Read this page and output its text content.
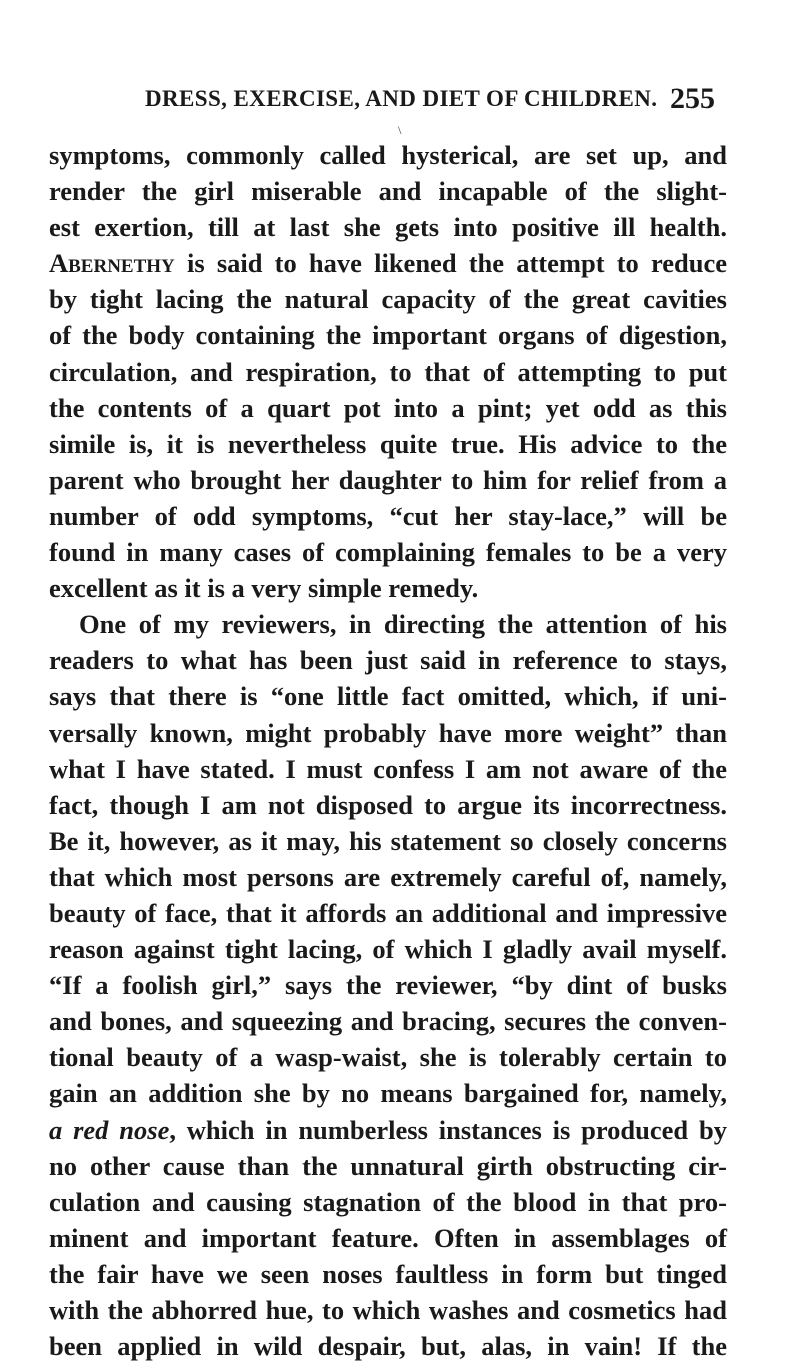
DRESS, EXERCISE, AND DIET OF CHILDREN. 255
\
symptoms, commonly called hysterical, are set up, and
render the girl miserable and incapable of the slight-
est exertion, till at last she gets into positive ill health.
Abernethy is said to have likened the attempt to reduce
by tight lacing the natural capacity of the great cavities
of the body containing the important organs of digestion,
circulation, and respiration, to that of attempting to put
the contents of a quart pot into a pint; yet odd as this
simile is, it is nevertheless quite true. His advice to the
parent who brought her daughter to him for relief from a
number of odd symptoms, “cut her stay-lace,” will be
found in many cases of complaining females to be a very
excellent as it is a very simple remedy.
One of my reviewers, in directing the attention of his
readers to what has been just said in reference to stays,
says that there is “one little fact omitted, which, if uni-
versally known, might probably have more weight” than
what I have stated. I must confess I am not aware of the
fact, though I am not disposed to argue its incorrectness.
Be it, however, as it may, his statement so closely concerns
that which most persons are extremely careful of, namely,
beauty of face, that it affords an additional and impressive
reason against tight lacing, of which I gladly avail myself.
“If a foolish girl,” says the reviewer, “by dint of busks
and bones, and squeezing and bracing, secures the conven-
tional beauty of a wasp-waist, she is tolerably certain to
gain an addition she by no means bargained for, namely,
a red nose, which in numberless instances is produced by
no other cause than the unnatural girth obstructing cir-
culation and causing stagnation of the blood in that pro-
minent and important feature. Often in assemblages of
the fair have we seen noses faultless in form but tinged
with the abhorred hue, to which washes and cosmetics had
been applied in wild despair, but, alas, in vain! If the
